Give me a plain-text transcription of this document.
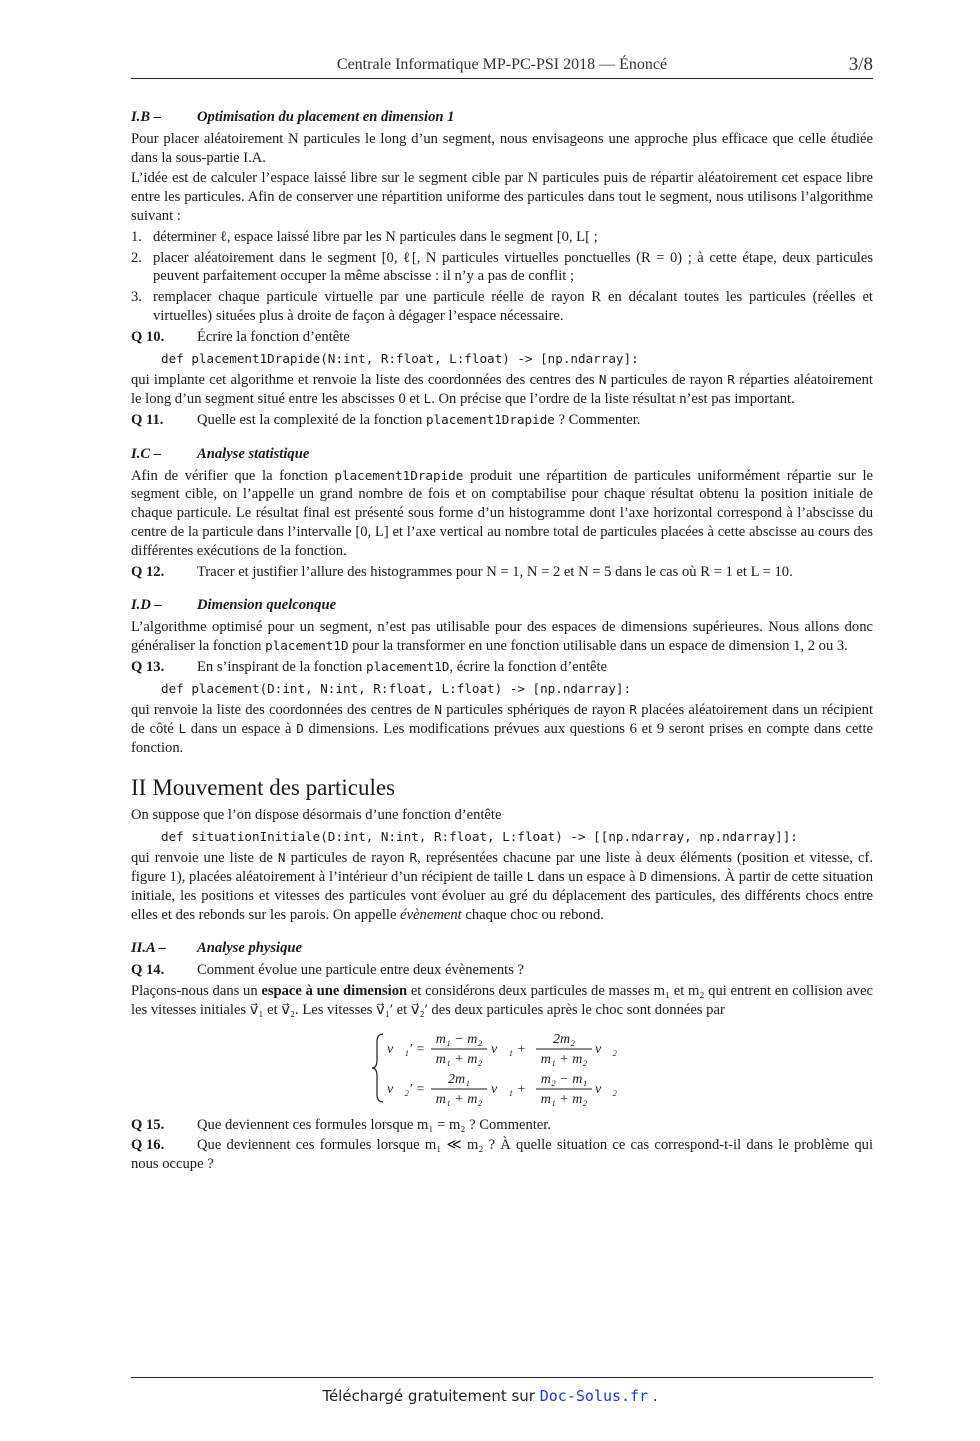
Centrale Informatique MP-PC-PSI 2018 — Énoncé	3/8
I.B – Optimisation du placement en dimension 1

Pour placer aléatoirement N particules le long d’un segment, nous envisageons une approche plus efficace que celle étudiée dans la sous-partie I.A.

L’idée est de calculer l’espace laissé libre sur le segment cible par N particules puis de répartir aléatoirement cet espace libre entre les particules. Afin de conserver une répartition uniforme des particules dans tout le segment, nous utilisons l’algorithme suivant :

1. déterminer ℓ, espace laissé libre par les N particules dans le segment [0, L[ ;
2. placer aléatoirement dans le segment [0, ℓ[, N particules virtuelles ponctuelles (R = 0) ; à cette étape, deux particules peuvent parfaitement occuper la même abscisse : il n’y a pas de conflit ;
3. remplacer chaque particule virtuelle par une particule réelle de rayon R en décalant toutes les particules (réelles et virtuelles) situées plus à droite de façon à dégager l’espace nécessaire.

Q 10. Écrire la fonction d’entête

def placement1Drapide(N:int, R:float, L:float) -> [np.ndarray]:

qui implante cet algorithme et renvoie la liste des coordonnées des centres des N particules de rayon R réparties aléatoirement le long d’un segment situé entre les abscisses 0 et L. On précise que l’ordre de la liste résultat n’est pas important.

Q 11. Quelle est la complexité de la fonction placement1Drapide ? Commenter.

I.C – Analyse statistique

Afin de vérifier que la fonction placement1Drapide produit une répartition de particules uniformément répartie sur le segment cible, on l’appelle un grand nombre de fois et on comptabilise pour chaque résultat obtenu la position initiale de chaque particule. Le résultat final est présenté sous forme d’un histogramme dont l’axe horizontal correspond à l’abscisse du centre de la particule dans l’intervalle [0, L] et l’axe vertical au nombre total de particules placées à cette abscisse au cours des différentes exécutions de la fonction.

Q 12. Tracer et justifier l’allure des histogrammes pour N = 1, N = 2 et N = 5 dans le cas où R = 1 et L = 10.

I.D – Dimension quelconque

L’algorithme optimisé pour un segment, n’est pas utilisable pour des espaces de dimensions supérieures. Nous allons donc généraliser la fonction placement1D pour la transformer en une fonction utilisable dans un espace de dimension 1, 2 ou 3.

Q 13. En s’inspirant de la fonction placement1D, écrire la fonction d’entête

def placement(D:int, N:int, R:float, L:float) -> [np.ndarray]:

qui renvoie la liste des coordonnées des centres de N particules sphériques de rayon R placées aléatoirement dans un récipient de côté L dans un espace à D dimensions. Les modifications prévues aux questions 6 et 9 seront prises en compte dans cette fonction.

II Mouvement des particules

On suppose que l’on dispose désormais d’une fonction d’entête

def situationInitiale(D:int, N:int, R:float, L:float) -> [[np.ndarray, np.ndarray]]:

qui renvoie une liste de N particules de rayon R, représentées chacune par une liste à deux éléments (position et vitesse, cf. figure 1), placées aléatoirement à l’intérieur d’un récipient de taille L dans un espace à D dimensions. À partir de cette situation initiale, les positions et vitesses des particules vont évoluer au gré du déplacement des particules, des différents chocs entre elles et des rebonds sur les parois. On appelle évènement chaque choc ou rebond.

II.A – Analyse physique

Q 14. Comment évolue une particule entre deux évènements ?

Plaçons-nous dans un espace à une dimension et considérons deux particules de masses m₁ et m₂ qui entrent en collision avec les vitesses initiales v⃗₁ et v⃗₂. Les vitesses v⃗₁′ et v⃗₂′ des deux particules après le choc sont données par

v⃗₁′ =
m₁ − m₂
m₁ + m₂
v⃗₁ +
2m₂
m₁ + m₂
v⃗₂
v⃗₂′ =
2m₁
m₁ + m₂
v⃗₁ +
m₂ − m₁
m₁ + m₂
v⃗₂

Q 15. Que deviennent ces formules lorsque m₁ = m₂ ? Commenter.

Q 16. Que deviennent ces formules lorsque m₁ ≪ m₂ ? À quelle situation ce cas correspond-t-il dans le problème qui nous occupe ?

Téléchargé gratuitement sur Doc-Solus.fr .
